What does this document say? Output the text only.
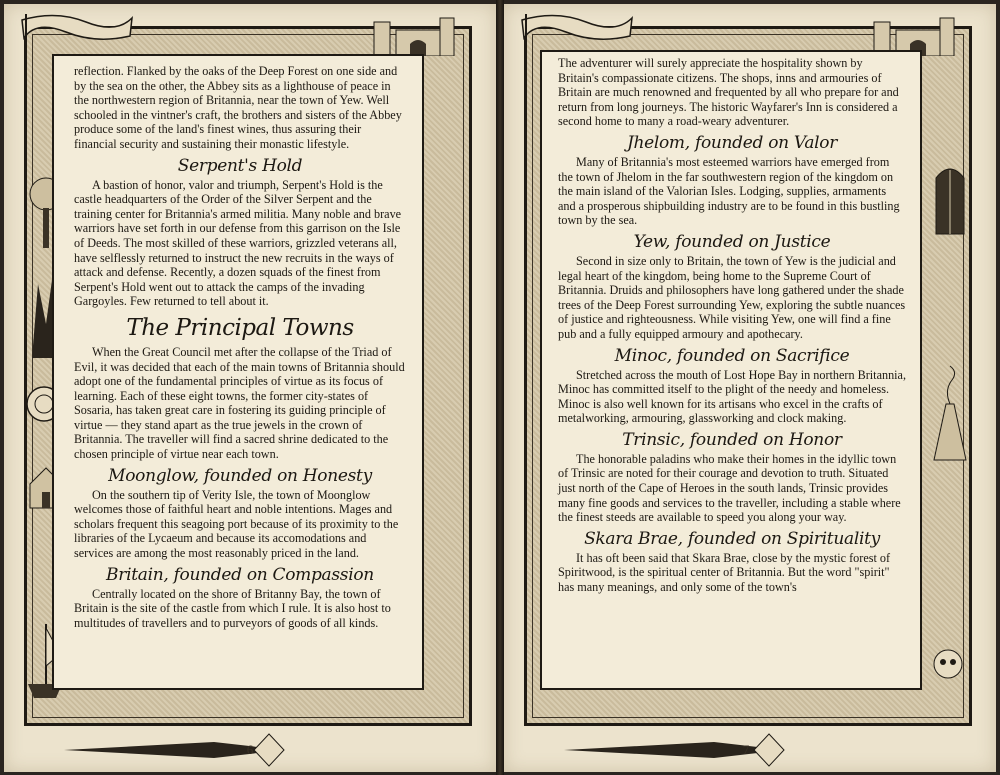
reflection. Flanked by the oaks of the Deep Forest on one side and by the sea on the other, the Abbey sits as a lighthouse of peace in the northwestern region of Britannia, near the town of Yew. Well schooled in the vintner's craft, the brothers and sisters of the Abbey produce some of the land's finest wines, thus assuring their financial security and sustaining their monastic lifestyle.

Serpent's Hold

A bastion of honor, valor and triumph, Serpent's Hold is the castle headquarters of the Order of the Silver Serpent and the training center for Britannia's armed militia. Many noble and brave warriors have set forth in our defense from this garrison on the Isle of Deeds. The most skilled of these warriors, grizzled veterans all, have selflessly returned to instruct the new recruits in the ways of attack and defense. Recently, a dozen squads of the finest from Serpent's Hold went out to attack the camps of the invading Gargoyles. Few returned to tell about it.

The Principal Towns

When the Great Council met after the collapse of the Triad of Evil, it was decided that each of the main towns of Britannia should adopt one of the fundamental principles of virtue as its focus of learning. Each of these eight towns, the former city-states of Sosaria, has taken great care in fostering its guiding principle of virtue — they stand apart as the true jewels in the crown of Britannia. The traveller will find a sacred shrine dedicated to the chosen principle of virtue near each town.

Moonglow, founded on Honesty

On the southern tip of Verity Isle, the town of Moonglow welcomes those of faithful heart and noble intentions. Mages and scholars frequent this seagoing port because of its proximity to the libraries of the Lycaeum and because its accomodations and services are among the most reasonably priced in the land.

Britain, founded on Compassion

Centrally located on the shore of Britanny Bay, the town of Britain is the site of the castle from which I rule. It is also host to multitudes of travellers and to purveyors of goods of all kinds.

6

The adventurer will surely appreciate the hospitality shown by Britain's compassionate citizens. The shops, inns and armouries of Britain are much renowned and frequented by all who prepare for and return from long journeys. The historic Wayfarer's Inn is considered a second home to many a road-weary adventurer.

Jhelom, founded on Valor

Many of Britannia's most esteemed warriors have emerged from the town of Jhelom in the far southwestern region of the kingdom on the main island of the Valorian Isles. Lodging, supplies, armaments and a prosperous shipbuilding industry are to be found in this bustling town by the sea.

Yew, founded on Justice

Second in size only to Britain, the town of Yew is the judicial and legal heart of the kingdom, being home to the Supreme Court of Britannia. Druids and philosophers have long gathered under the shade trees of the Deep Forest surrounding Yew, exploring the subtle nuances of justice and righteousness. While visiting Yew, one will find a fine pub and a fully equipped armoury and apothecary.

Minoc, founded on Sacrifice

Stretched across the mouth of Lost Hope Bay in northern Britannia, Minoc has committed itself to the plight of the needy and homeless. Minoc is also well known for its artisans who excel in the crafts of metalworking, armouring, glassworking and clock making.

Trinsic, founded on Honor

The honorable paladins who make their homes in the idyllic town of Trinsic are noted for their courage and devotion to truth. Situated just north of the Cape of Heroes in the south lands, Trinsic provides many fine goods and services to the traveller, including a stable where the finest steeds are available to speed you along your way.

Skara Brae, founded on Spirituality

It has oft been said that Skara Brae, close by the mystic forest of Spiritwood, is the spiritual center of Britannia. But the word "spirit" has many meanings, and only some of the town's

7
